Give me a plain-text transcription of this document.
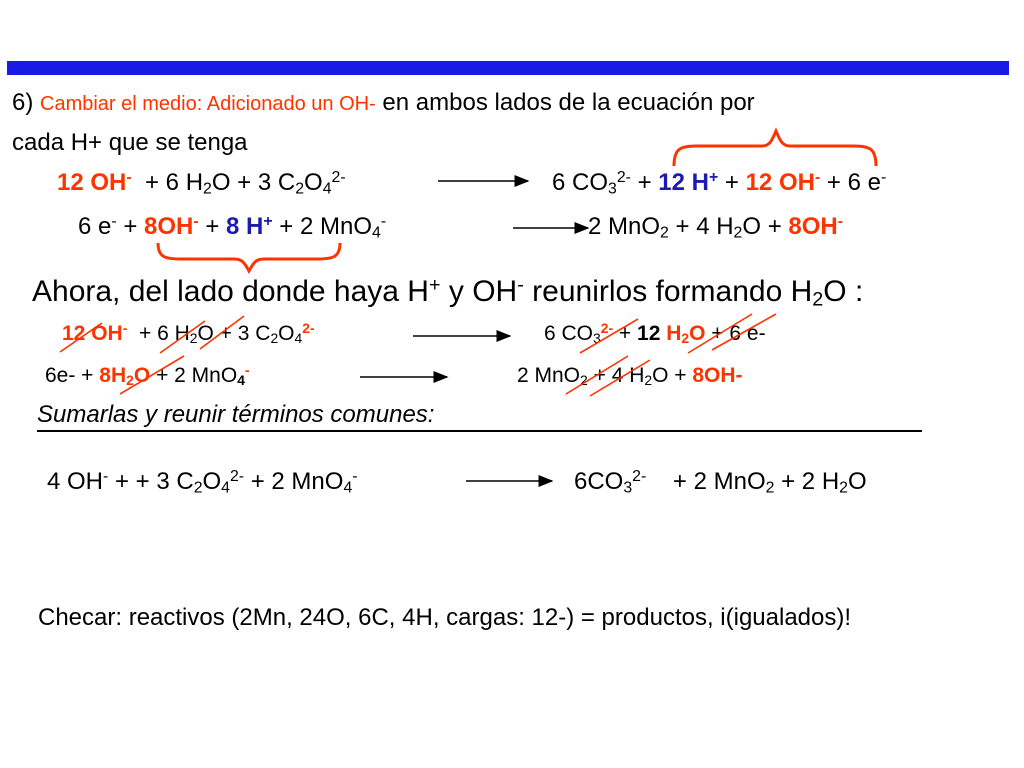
6) Cambiar el medio: Adicionado un OH- en ambos lados de la ecuación por
cada H+ que se tenga
12 OH- + 6 $H_2O + 3$ $C_2O_4^{2-}$	6 $CO_3^{2-} + 12$ H+ + 12 OH- + 6 e-
6 e- + 8OH- + 8 H+ + 2 MnO$_4$-	2 MnO$_2$ + 4 $H_2O + 8OH^-$
Ahora, del lado donde haya H+ y OH- reunirlos formando $H_2O$ :
12 OH- + 6 $H_2O + 3$ $C_2O_4^{2-}$	6 $CO_3^{2-} + 12$ $H_2O + 6$ e-
$6e- + 8H_2O + 2$ MnO$_4$-	2 MnO$_2$ + 4 $H_2O + 8OH-$
Sumarlas y reunir términos comunes:
4 OH- + + 3 $C_2O_4^{2-} + 2$ MnO$_4$-	$6CO_3^{2-} + 2$ MnO$_2$ + 2 $H_2O$
Checar: reactivos (2Mn, 24O, 6C, 4H, cargas: 12-) = productos, i(igualados)!
